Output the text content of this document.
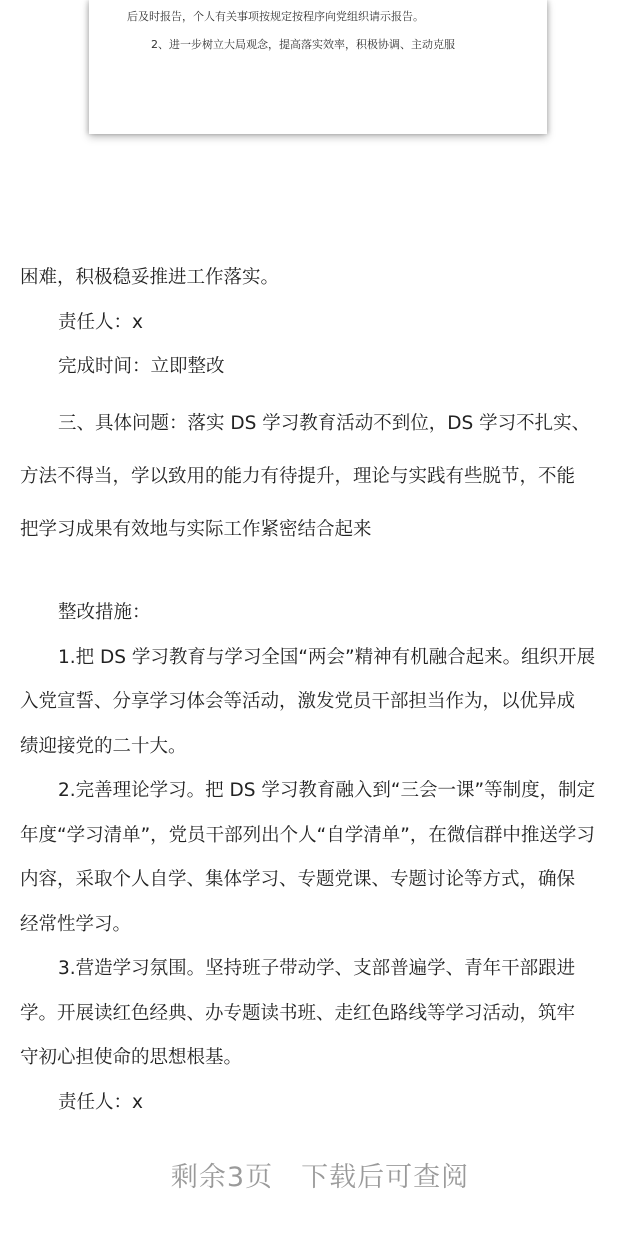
后及时报告，个人有关事项按规定按程序向党组织请示报告。

2、进一步树立大局观念，提高落实效率，积极协调、主动克服

困难，积极稳妥推进工作落实。

责任人：x

完成时间：立即整改

三、具体问题：落实 DS 学习教育活动不到位，DS 学习不扎实、

方法不得当，学以致用的能力有待提升，理论与实践有些脱节，不能

把学习成果有效地与实际工作紧密结合起来

整改措施：

1.把 DS 学习教育与学习全国“两会”精神有机融合起来。组织开展

入党宣誓、分享学习体会等活动，激发党员干部担当作为，以优异成

绩迎接党的二十大。

2.完善理论学习。把 DS 学习教育融入到“三会一课”等制度，制定

年度“学习清单”，党员干部列出个人“自学清单”，在微信群中推送学习

内容，采取个人自学、集体学习、专题党课、专题讨论等方式，确保

经常性学习。

3.营造学习氛围。坚持班子带动学、支部普遍学、青年干部跟进

学。开展读红色经典、办专题读书班、走红色路线等学习活动，筑牢

守初心担使命的思想根基。

责任人：x

剩余3页 下载后可查阅
